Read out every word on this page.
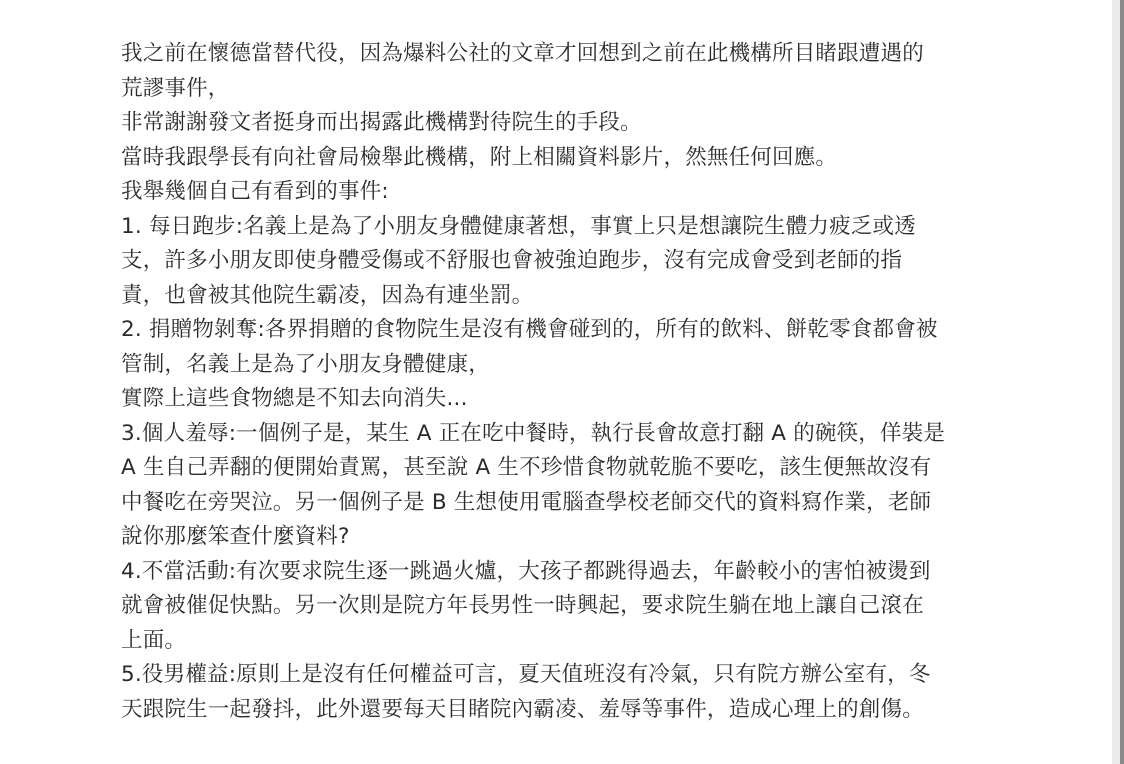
我之前在懷德當替代役，因為爆料公社的文章才回想到之前在此機構所目睹跟遭遇的
荒謬事件，
非常謝謝發文者挺身而出揭露此機構對待院生的手段。
當時我跟學長有向社會局檢舉此機構，附上相關資料影片，然無任何回應。
我舉幾個自己有看到的事件:
1. 每日跑步:名義上是為了小朋友身體健康著想，事實上只是想讓院生體力疲乏或透
支，許多小朋友即使身體受傷或不舒服也會被強迫跑步，沒有完成會受到老師的指
責，也會被其他院生霸凌，因為有連坐罰。
2. 捐贈物剝奪:各界捐贈的食物院生是沒有機會碰到的，所有的飲料、餅乾零食都會被
管制，名義上是為了小朋友身體健康，
實際上這些食物總是不知去向消失...
3.個人羞辱:一個例子是，某生 A 正在吃中餐時，執行長會故意打翻 A 的碗筷，佯裝是
A 生自己弄翻的便開始責罵，甚至說 A 生不珍惜食物就乾脆不要吃，該生便無故沒有
中餐吃在旁哭泣。另一個例子是 B 生想使用電腦查學校老師交代的資料寫作業，老師
說你那麼笨查什麼資料?
4.不當活動:有次要求院生逐一跳過火爐，大孩子都跳得過去，年齡較小的害怕被燙到
就會被催促快點。另一次則是院方年長男性一時興起，要求院生躺在地上讓自己滾在
上面。
5.役男權益:原則上是沒有任何權益可言，夏天值班沒有冷氣，只有院方辦公室有，冬
天跟院生一起發抖，此外還要每天目睹院內霸凌、羞辱等事件，造成心理上的創傷。
